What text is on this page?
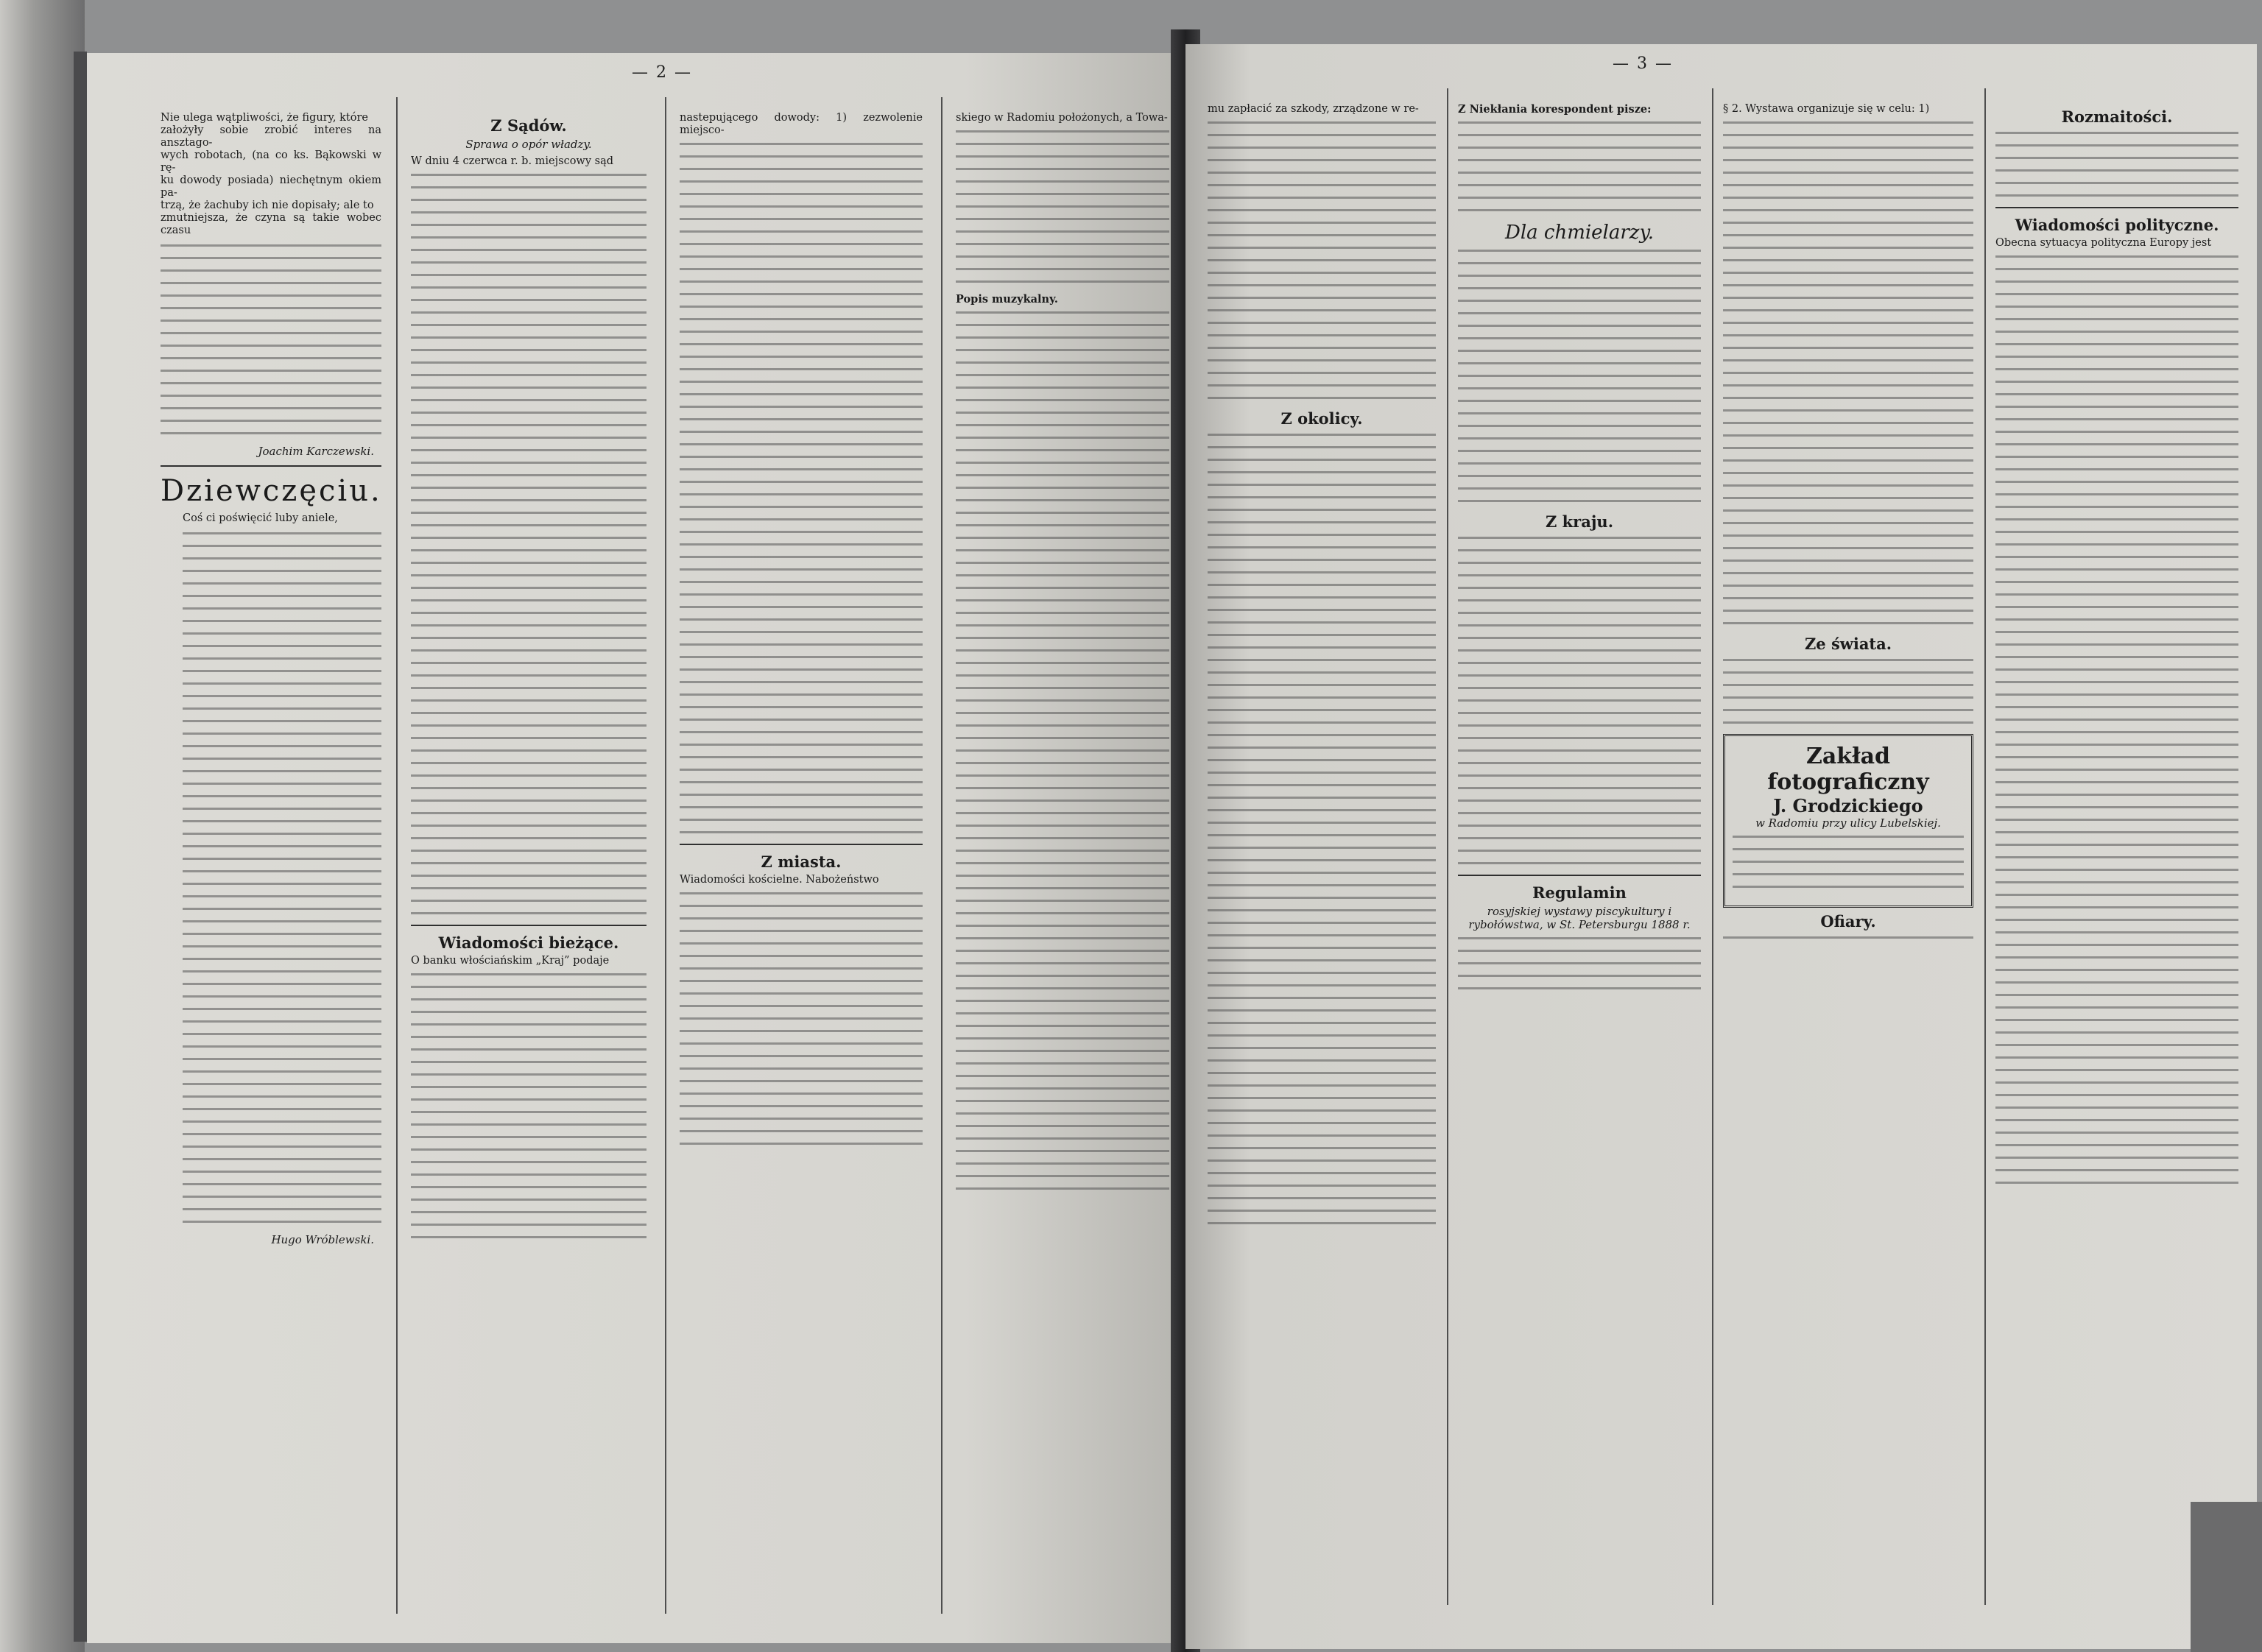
— 2 —
Nie ulega wątpliwości, że figury, które
założyły sobie zrobić interes na ansztago-
wych robotach, (na co ks. Bąkowski w rę-
ku dowody posiada) niechętnym okiem pa-
trzą, że żachuby ich nie dopisały; ale to
zmutniejsza, że czyna są takie wobec czasu
Joachim Karczewski.
Dziewczęciu.
Coś ci poświęcić luby aniele,
Hugo Wróblewski.
Z Sądów.
Sprawa o opór władzy.
W dniu 4 czerwca r. b. miejscowy sąd
Wiadomości bieżące.
O banku włościańskim „Kraj” podaje
nastepującego dowody: 1) zezwolenie miejsco-
Z miasta.
Wiadomości kościelne. Nabożeństwo
skiego w Radomiu położonych, a Towa-
Popis muzykalny.
— 3 —
mu zapłacić za szkody, zrządzone w re-
Z okolicy.
Z Niekłania korespondent pisze:
Dla chmielarzy.
Z kraju.
Regulamin
rosyjskiej wystawy piscykultury i rybołówstwa, w St. Petersburgu 1888 r.
§ 2. Wystawa organizuje się w celu: 1)
Ze świata.
Zakład fotograficzny
J. Grodzickiego
w Radomiu przy ulicy Lubelskiej.
Ofiary.
Rozmaitości.
Wiadomości polityczne.
Obecna sytuacya polityczna Europy jest
